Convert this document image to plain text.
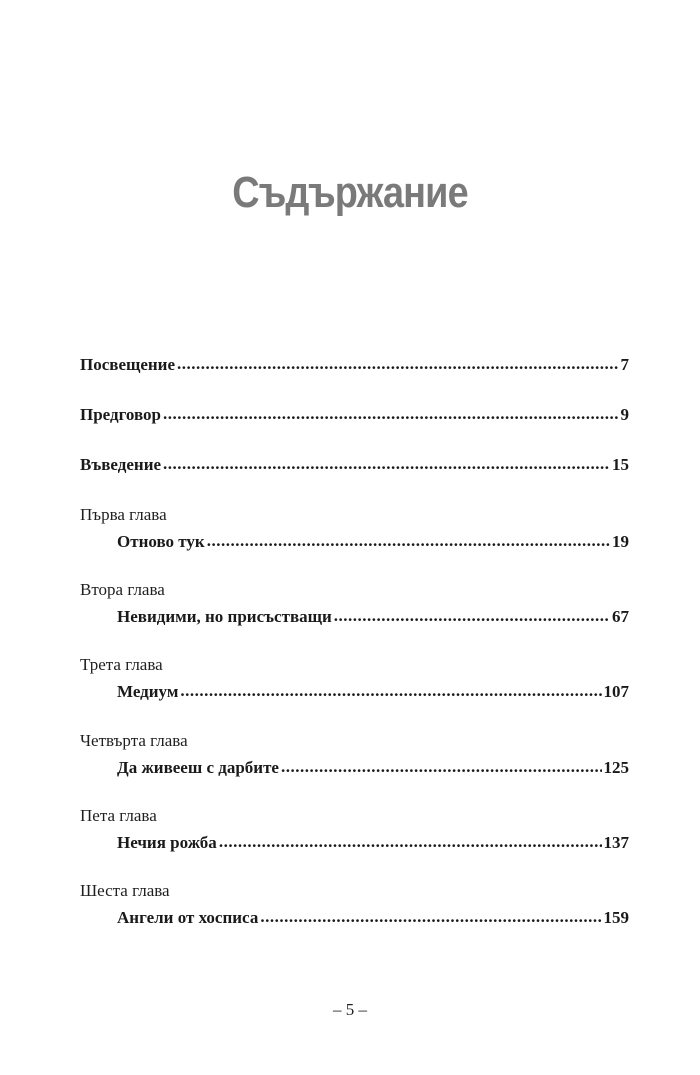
Съдържание
Посвещение .....	7
Предговор .....	9
Въведение .....	15
Първа глава
Отново тук .....	19
Втора глава
Невидими, но присъстващи .....	67
Трета глава
Медиум .....	107
Четвърта глава
Да живееш с дарбите .....	125
Пета глава
Нечия рожба .....	137
Шеста глава
Ангели от хосписа .....	159
– 5 –
